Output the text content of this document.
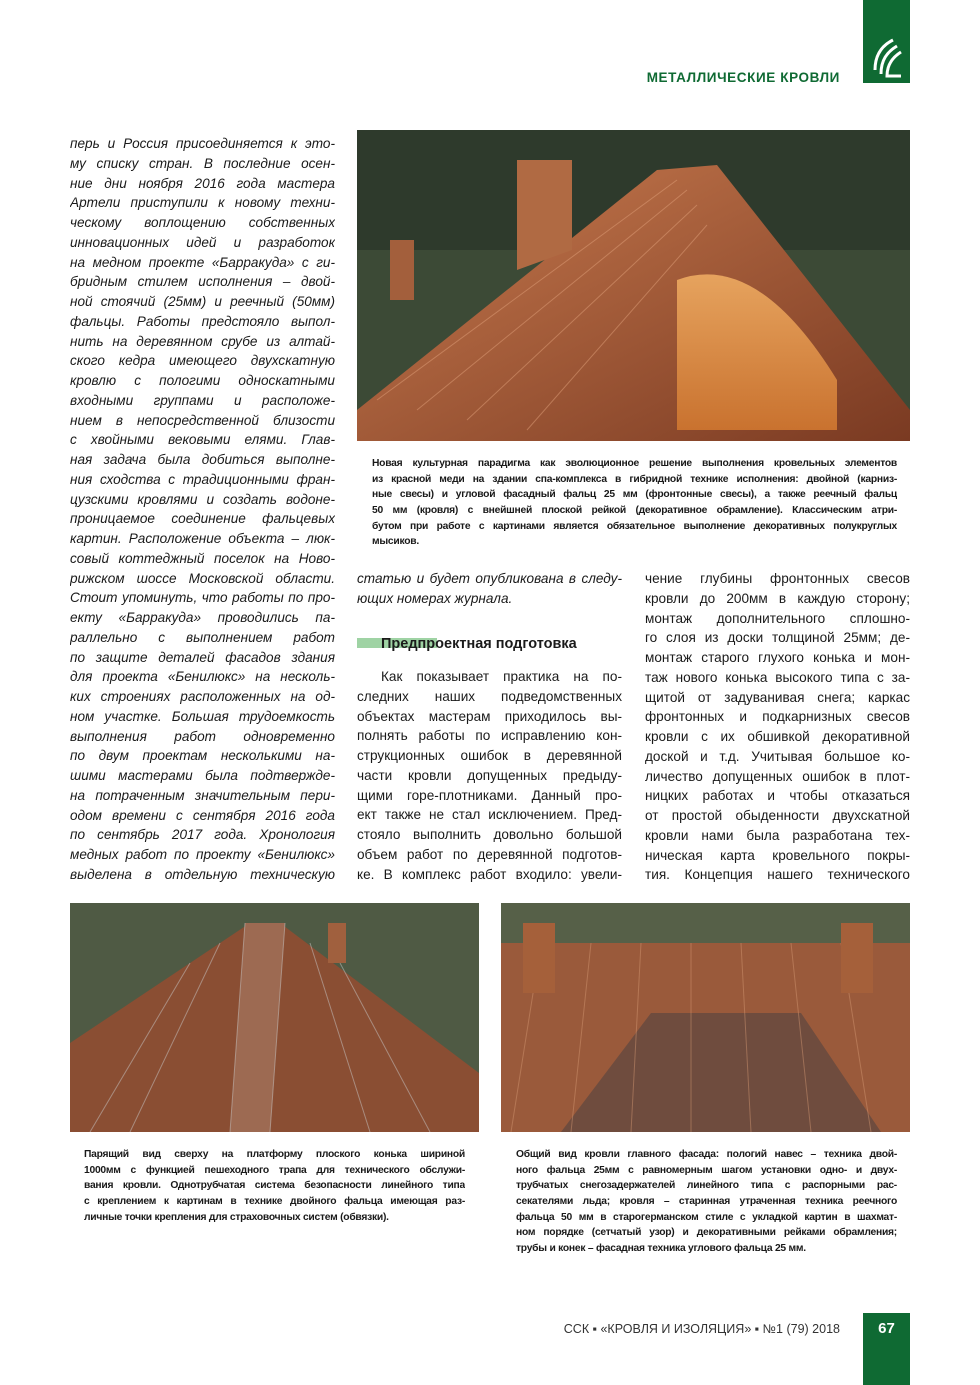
МЕТАЛЛИЧЕСКИЕ КРОВЛИ
перь и Россия присоединяется к это-
му списку стран. В последние осен-
ние дни ноября 2016 года мастера
Артели приступили к новому техни-
ческому воплощению собственных
инновационных идей и разработок
на медном проекте «Барракуда» с ги-
бридным стилем исполнения – двой-
ной стоячий (25мм) и реечный (50мм)
фальцы. Работы предстояло выпол-
нить на деревянном срубе из алтай-
ского кедра имеющего двухскатную
кровлю с пологими односкатными
входными группами и расположе-
нием в непосредственной близости
с хвойными вековыми елями. Глав-
ная задача была добиться выполне-
ния сходства с традиционными фран-
цузскими кровлями и создать водоне-
проницаемое соединение фальцевых
картин. Расположение объекта – люк-
совый коттеджный поселок на Ново-
рижском шоссе Московской области.
Стоит упоминуть, что работы по про-
екту «Барракуда» проводились па-
раллельно с выполнением работ
по защите деталей фасадов здания
для проекта «Бенилюкс» на несколь-
ких строениях расположенных на од-
ном участке. Большая трудоемкость
выполнения работ одновременно
по двум проектам несколькими на-
шими мастерами была подтвержде-
на потраченным значительным пери-
одом времени с сентября 2016 года
по сентябрь 2017 года. Хронология
медных работ по проекту «Бенилюкс»
выделена в отдельную техническую
Новая культурная парадигма как эволюционное решение выполнения кровельных элементов
из красной меди на здании спа-комплекса в гибридной технике исполнения: двойной (карниз-
ные свесы) и угловой фасадный фальц 25 мм (фронтонные свесы), а также реечный фальц
50 мм (кровля) с внейшней плоской рейкой (декоративное обрамление). Классическим атри-
бутом при работе с картинами является обязательное выполнение декоративных полукруглых
мысиков.
статью и будет опубликована в следу-
ющих номерах журнала.
Предпроектная подготовка
Как показывает практика на по-
следних наших подведомственных
объектах мастерам приходилось вы-
полнять работы по исправлению кон-
струкционных ошибок в деревянной
части кровли допущенных предыду-
щими горе-плотниками. Данный про-
ект также не стал исключением. Пред-
стояло выполнить довольно большой
объем работ по деревянной подготов-
ке. В комплекс работ входило: увели-
чение глубины фронтонных свесов
кровли до 200мм в каждую сторону;
монтаж дополнительного сплошно-
го слоя из доски толщиной 25мм; де-
монтаж старого глухого конька и мон-
таж нового конька высокого типа с за-
щитой от задуванивая снега; каркас
фронтонных и подкарнизных свесов
кровли с их обшивкой декоративной
доской и т.д. Учитывая большое ко-
личество допущенных ошибок в плот-
ницких работах и чтобы отказаться
от простой обыденности двухскатной
кровли нами была разработана тех-
ническая карта кровельного покры-
тия. Концепция нашего технического
Парящий вид сверху на платформу плоского конька шириной
1000мм с функцией пешеходного трапа для технического обслужи-
вания кровли. Однотрубчатая система безопасности линейного типа
с креплением к картинам в технике двойного фальца имеющая раз-
личные точки крепления для страховочных систем (обвязки).
Общий вид кровли главного фасада: пологий навес – техника двой-
ного фальца 25мм с равномерным шагом установки одно- и двух-
трубчатых снегозадержателей линейного типа с распорными рас-
секателями льда; кровля – старинная утраченная техника реечного
фальца 50 мм в старогерманском стиле с укладкой картин в шахмат-
ном порядке (сетчатый узор) и декоративными рейками обрамления;
трубы и конек – фасадная техника углового фальца 25 мм.
ССК ▪ «КРОВЛЯ И ИЗОЛЯЦИЯ» ▪ №1 (79) 2018	67
